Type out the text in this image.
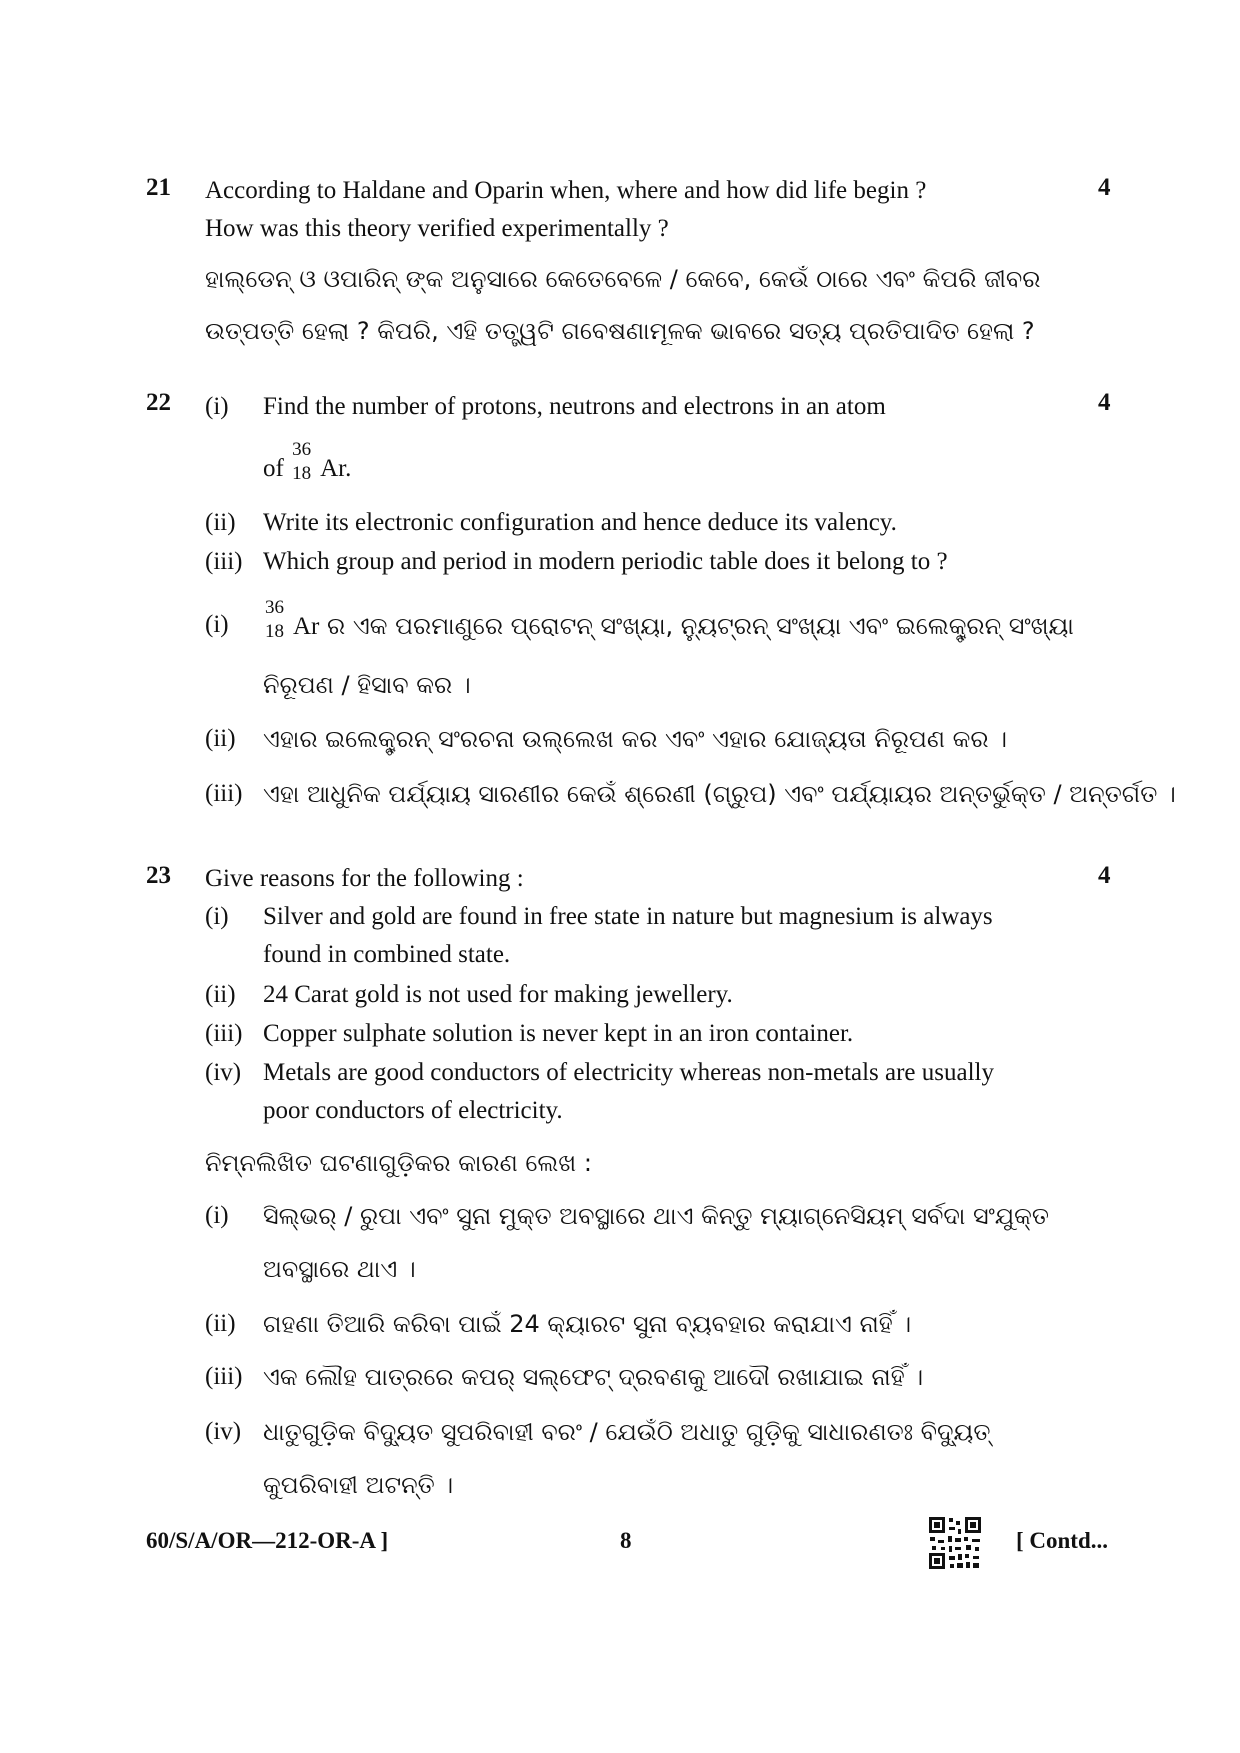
21	4
According to Haldane and Oparin when, where and how did life begin ?
How was this theory verified experimentally ?
ହାଲ୍ଡେନ୍ ଓ ଓପାରିନ୍ ଙ୍କ ଅନୁସାରେ କେତେବେଳେ / କେବେ, କେଉଁ ଠାରେ ଏବଂ କିପରି ଜୀବର
ଉତ୍ପତ୍ତି ହେଲା ? କିପରି, ଏହି ତତ୍ତ୍ୱଟି ଗବେଷଣାମୂଳକ ଭାବରେ ସତ୍ୟ ପ୍ରତିପାଦିତ ହେଲା ?
22	4
(i) Find the number of protons, neutrons and electrons in an atom
of
36
18 Ar.
(ii) Write its electronic configuration and hence deduce its valency.
(iii) Which group and period in modern periodic table does it belong to ?
(i)
36
18 Ar ର ଏକ ପରମାଣୁରେ ପ୍ରୋଟନ୍ ସଂଖ୍ୟା, ନ୍ୟୁଟ୍ରନ୍ ସଂଖ୍ୟା ଏବଂ ଇଲେକ୍ଟ୍ରନ୍ ସଂଖ୍ୟା
ନିରୂପଣ / ହିସାବ କର ।
(ii) ଏହାର ଇଲେକ୍ଟ୍ରନ୍ ସଂରଚନା ଉଲ୍ଲେଖ କର ଏବଂ ଏହାର ଯୋଜ୍ୟତା ନିରୂପଣ କର ।
(iii) ଏହା ଆଧୁନିକ ପର୍ଯ୍ୟାୟ ସାରଣୀର କେଉଁ ଶ୍ରେଣୀ (ଗ୍ରୁପ) ଏବଂ ପର୍ଯ୍ୟାୟର ଅନ୍ତର୍ଭୁକ୍ତ / ଅନ୍ତର୍ଗତ ।
23	4
Give reasons for the following :
(i) Silver and gold are found in free state in nature but magnesium is always
found in combined state.
(ii) 24 Carat gold is not used for making jewellery.
(iii) Copper sulphate solution is never kept in an iron container.
(iv) Metals are good conductors of electricity whereas non-metals are usually
poor conductors of electricity.
ନିମ୍ନଲିଖିତ ଘଟଣାଗୁଡ଼ିକର କାରଣ ଲେଖ :
(i) ସିଲ୍‌ଭର୍ / ରୁପା ଏବଂ ସୁନା ମୁକ୍ତ ଅବସ୍ଥାରେ ଥାଏ କିନ୍ତୁ ମ୍ୟାଗ୍‌ନେସିୟମ୍ ସର୍ବଦା ସଂଯୁକ୍ତ
ଅବସ୍ଥାରେ ଥାଏ ।
(ii) ଗହଣା ତିଆରି କରିବା ପାଇଁ 24 କ୍ୟାରଟ ସୁନା ବ୍ୟବହାର କରାଯାଏ ନାହିଁ ।
(iii) ଏକ ଲୌହ ପାତ୍ରରେ କପର୍ ସଲ୍‌ଫେଟ୍ ଦ୍ରବଣକୁ ଆଦୌ ରଖାଯାଇ ନାହିଁ ।
(iv) ଧାତୁଗୁଡ଼ିକ ବିଦ୍ୟୁତ ସୁପରିବାହୀ ବରଂ / ଯେଉଁଠି ଅଧାତୁ ଗୁଡ଼ିକୁ ସାଧାରଣତଃ ବିଦ୍ୟୁତ୍
କୁପରିବାହୀ ଅଟନ୍ତି ।
60/S/A/OR—212-OR-A ]	8	[ Contd...
